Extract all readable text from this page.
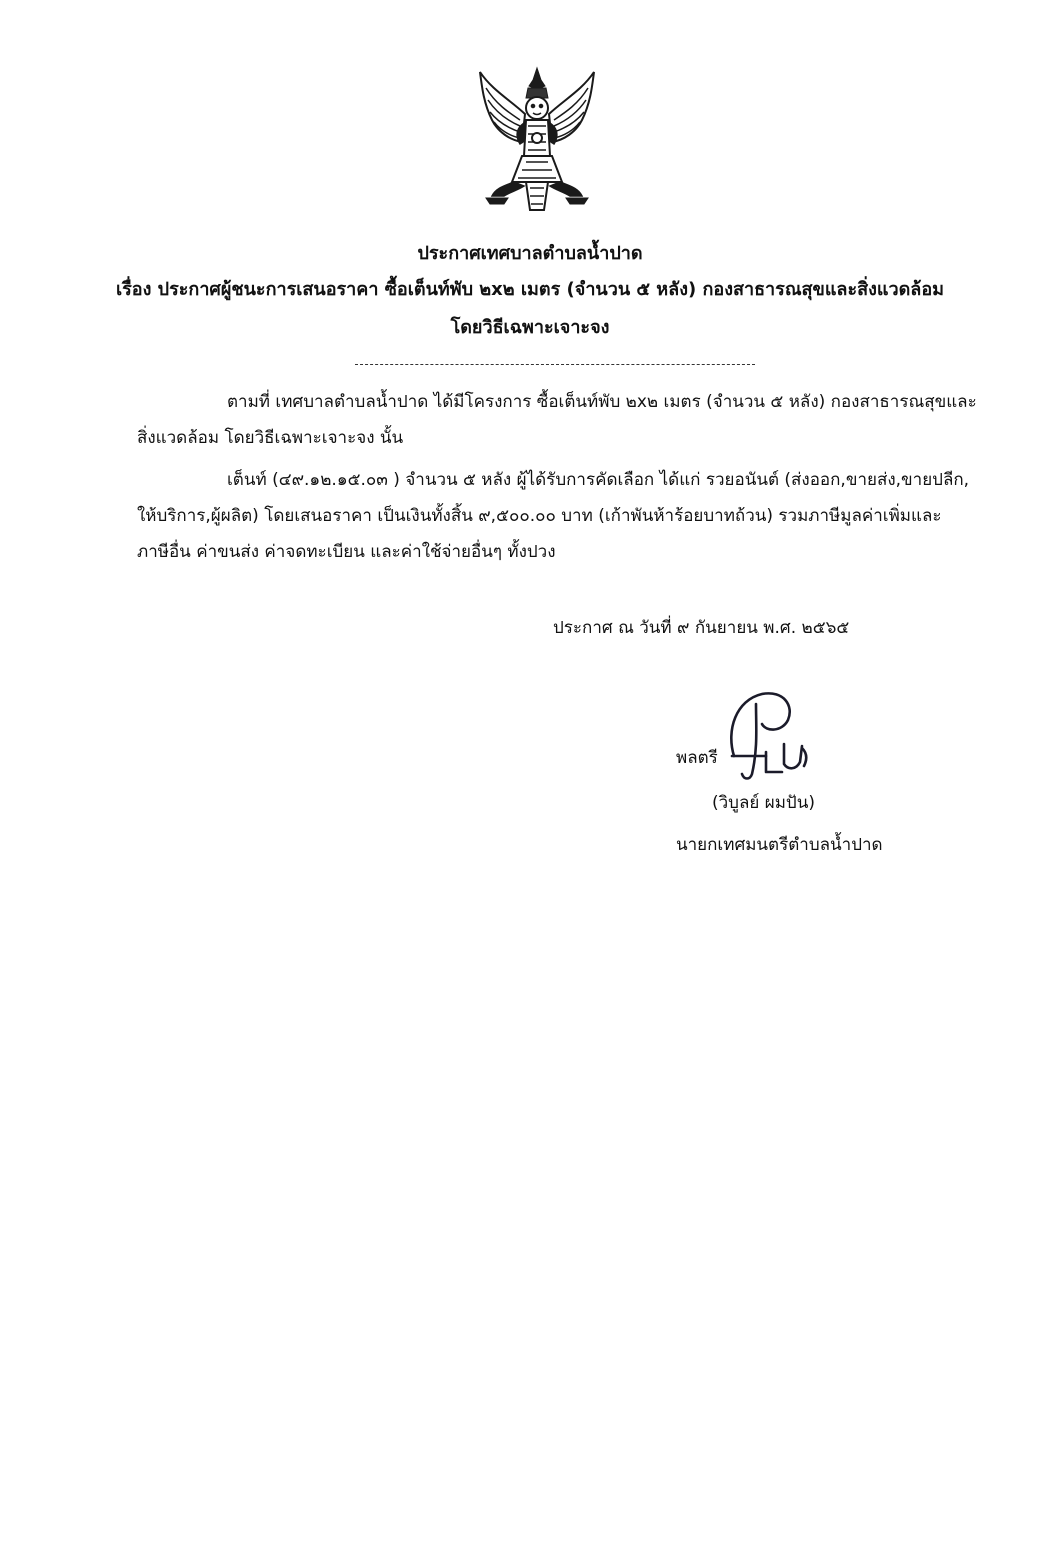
ประกาศเทศบาลตำบลน้ำปาด
เรื่อง ประกาศผู้ชนะการเสนอราคา ซื้อเต็นท์พับ ๒x๒ เมตร (จำนวน ๕ หลัง) กองสาธารณสุขและสิ่งแวดล้อม
โดยวิธีเฉพาะเจาะจง
ตามที่ เทศบาลตำบลน้ำปาด ได้มีโครงการ ซื้อเต็นท์พับ ๒x๒ เมตร (จำนวน ๕ หลัง) กองสาธารณสุขและ
สิ่งแวดล้อม โดยวิธีเฉพาะเจาะจง นั้น
เต็นท์ (๔๙.๑๒.๑๕.๐๓ ) จำนวน ๕ หลัง ผู้ได้รับการคัดเลือก ได้แก่ รวยอนันต์ (ส่งออก,ขายส่ง,ขายปลีก,
ให้บริการ,ผู้ผลิต) โดยเสนอราคา เป็นเงินทั้งสิ้น ๙,๕๐๐.๐๐ บาท (เก้าพันห้าร้อยบาทถ้วน) รวมภาษีมูลค่าเพิ่มและ
ภาษีอื่น ค่าขนส่ง ค่าจดทะเบียน และค่าใช้จ่ายอื่นๆ ทั้งปวง
ประกาศ ณ วันที่ ๙ กันยายน พ.ศ. ๒๕๖๕
พลตรี
(วิบูลย์ ผมปัน)
นายกเทศมนตรีตำบลน้ำปาด
